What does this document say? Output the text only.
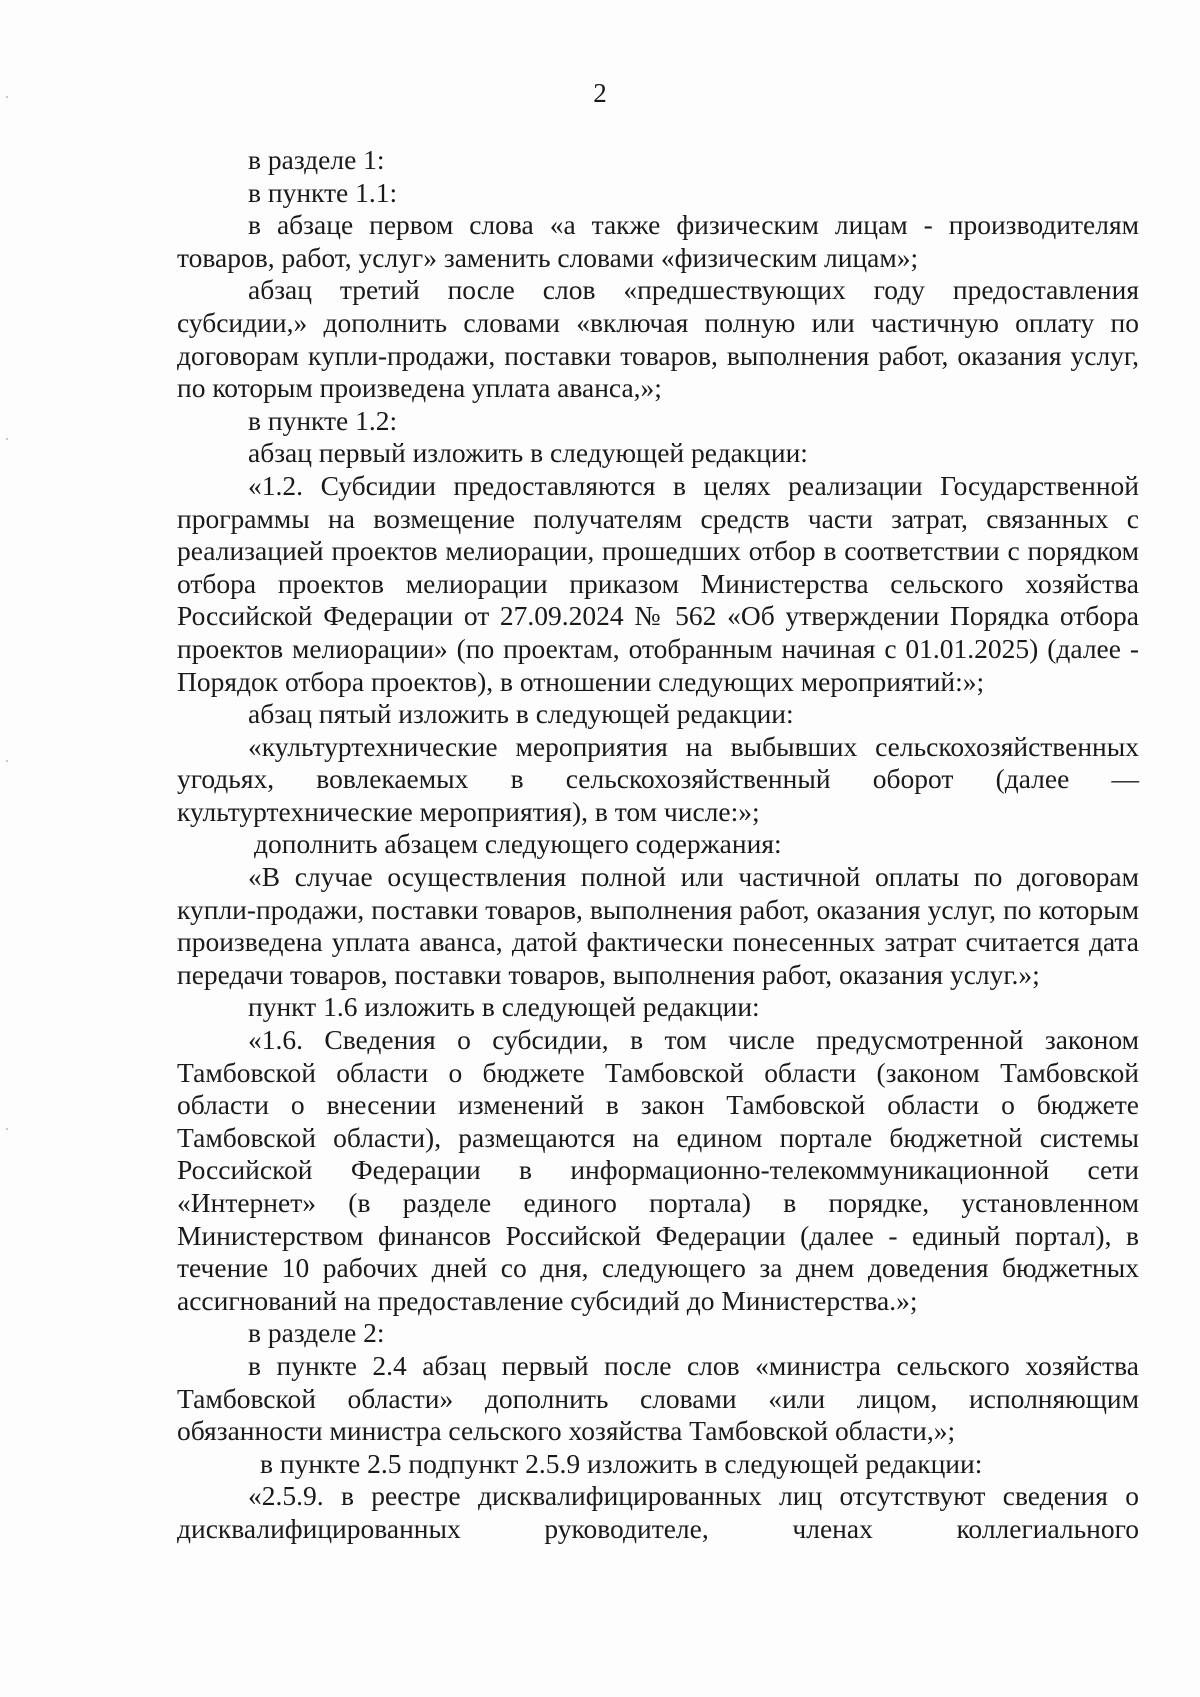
2

в разделе 1:

в пункте 1.1:

в абзаце первом слова «а также физическим лицам - производителям товаров, работ, услуг» заменить словами «физическим лицам»;

абзац третий после слов «предшествующих году предоставления субсидии,» дополнить словами «включая полную или частичную оплату по договорам купли-продажи, поставки товаров, выполнения работ, оказания услуг, по которым произведена уплата аванса,»;

в пункте 1.2:

абзац первый изложить в следующей редакции:

«1.2. Субсидии предоставляются в целях реализации Государственной программы на возмещение получателям средств части затрат, связанных с реализацией проектов мелиорации, прошедших отбор в соответствии с порядком отбора проектов мелиорации приказом Министерства сельского хозяйства Российской Федерации от 27.09.2024 № 562 «Об утверждении Порядка отбора проектов мелиорации» (по проектам, отобранным начиная с 01.01.2025) (далее - Порядок отбора проектов), в отношении следующих мероприятий:»;

абзац пятый изложить в следующей редакции:

«культуртехнические мероприятия на выбывших сельскохозяйственных угодьях, вовлекаемых в сельскохозяйственный оборот (далее — культуртехнические мероприятия), в том числе:»;

дополнить абзацем следующего содержания:

«В случае осуществления полной или частичной оплаты по договорам купли-продажи, поставки товаров, выполнения работ, оказания услуг, по которым произведена уплата аванса, датой фактически понесенных затрат считается дата передачи товаров, поставки товаров, выполнения работ, оказания услуг.»;

пункт 1.6 изложить в следующей редакции:

«1.6. Сведения о субсидии, в том числе предусмотренной законом Тамбовской области о бюджете Тамбовской области (законом Тамбовской области о внесении изменений в закон Тамбовской области о бюджете Тамбовской области), размещаются на едином портале бюджетной системы Российской Федерации в информационно-телекоммуникационной сети «Интернет» (в разделе единого портала) в порядке, установленном Министерством финансов Российской Федерации (далее - единый портал), в течение 10 рабочих дней со дня, следующего за днем доведения бюджетных ассигнований на предоставление субсидий до Министерства.»;

в разделе 2:

в пункте 2.4 абзац первый после слов «министра сельского хозяйства Тамбовской области» дополнить словами «или лицом, исполняющим обязанности министра сельского хозяйства Тамбовской области,»;

в пункте 2.5 подпункт 2.5.9 изложить в следующей редакции:

«2.5.9. в реестре дисквалифицированных лиц отсутствуют сведения о дисквалифицированных руководителе, членах коллегиального
